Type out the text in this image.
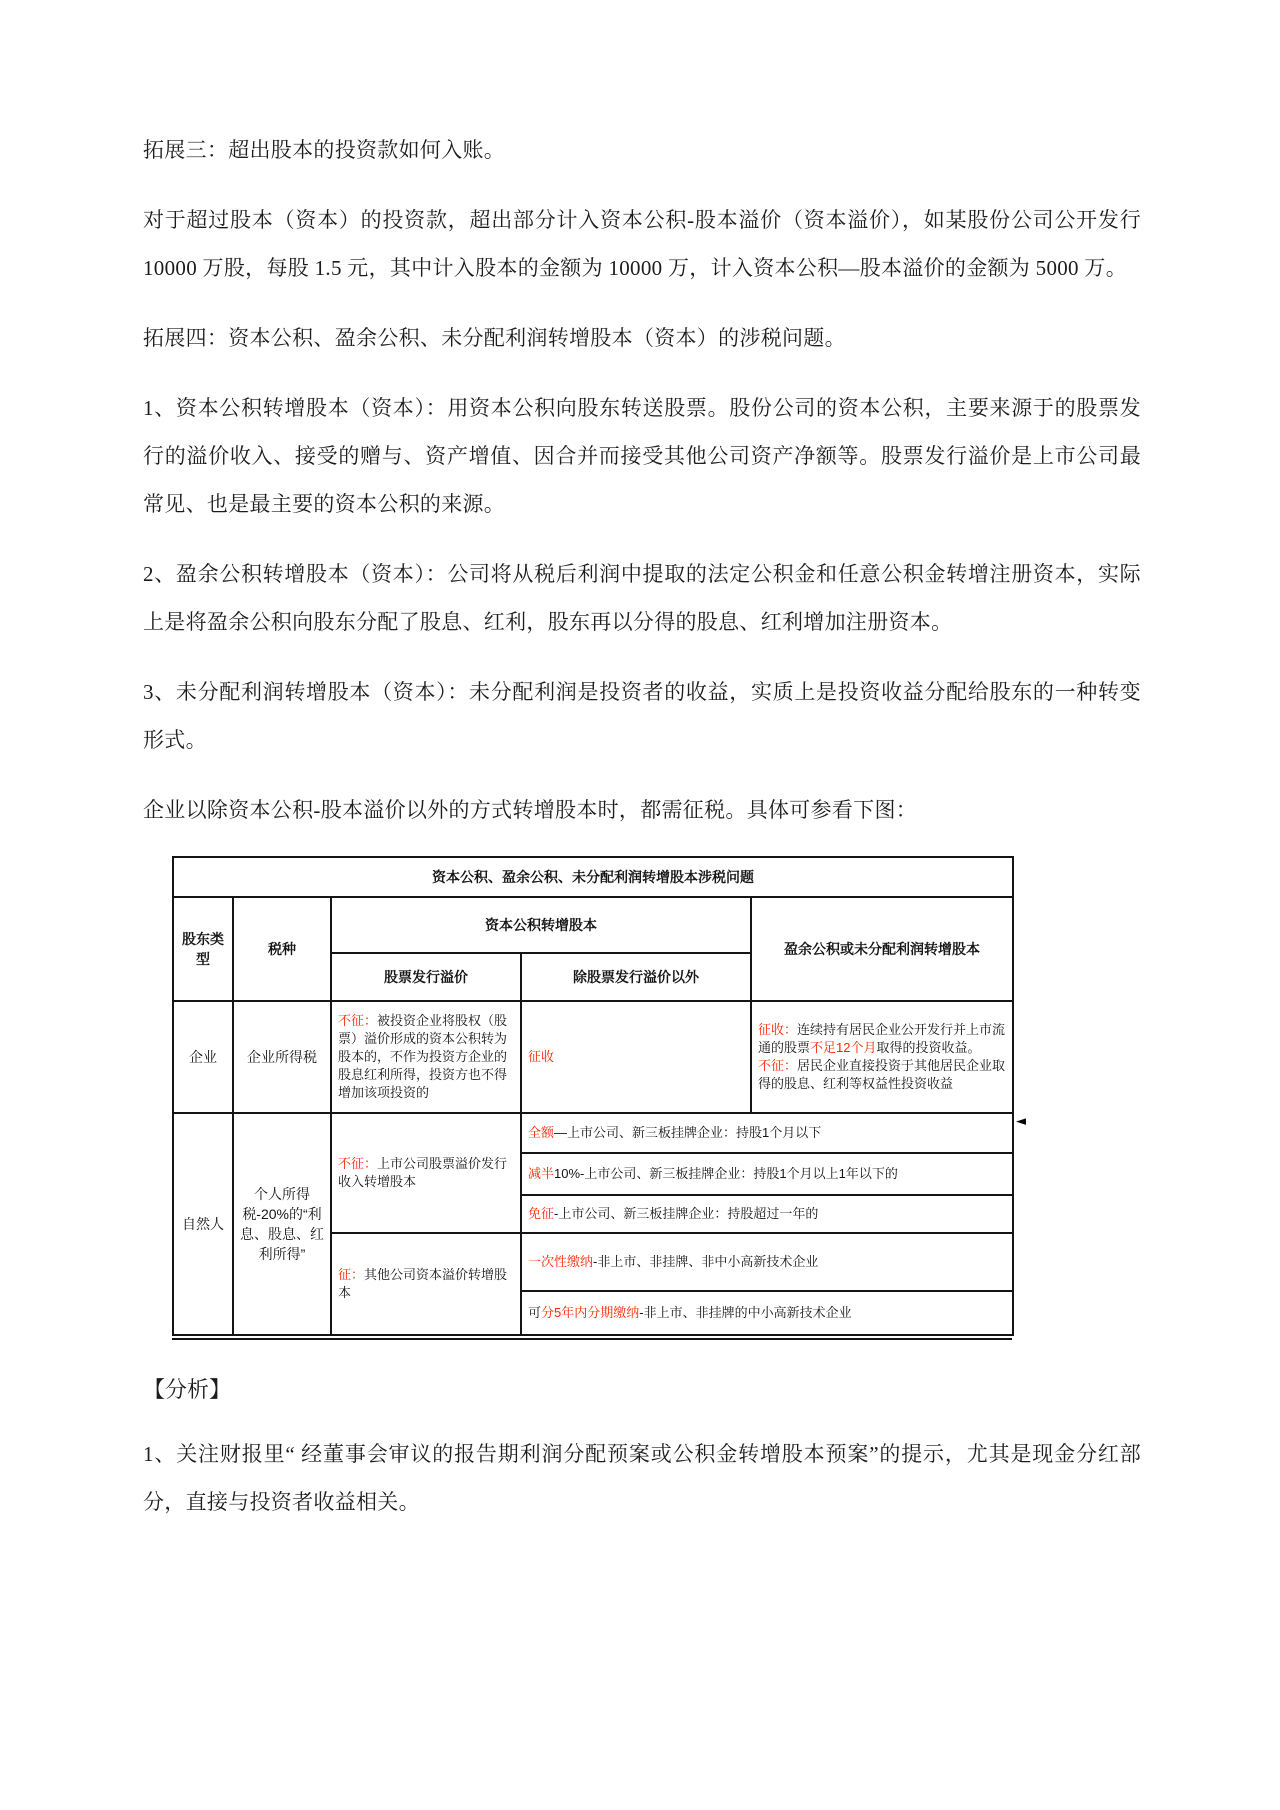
拓展三：超出股本的投资款如何入账。

对于超过股本（资本）的投资款，超出部分计入资本公积-股本溢价（资本溢价），如某股份公司公开发行 10000 万股，每股 1.5 元，其中计入股本的金额为 10000 万，计入资本公积—股本溢价的金额为 5000 万。

拓展四：资本公积、盈余公积、未分配利润转增股本（资本）的涉税问题。

1、资本公积转增股本（资本）：用资本公积向股东转送股票。股份公司的资本公积，主要来源于的股票发行的溢价收入、接受的赠与、资产增值、因合并而接受其他公司资产净额等。股票发行溢价是上市公司最常见、也是最主要的资本公积的来源。

2、盈余公积转增股本（资本）：公司将从税后利润中提取的法定公积金和任意公积金转增注册资本，实际上是将盈余公积向股东分配了股息、红利，股东再以分得的股息、红利增加注册资本。

3、未分配利润转增股本（资本）：未分配利润是投资者的收益，实质上是投资收益分配给股东的一种转变形式。

企业以除资本公积-股本溢价以外的方式转增股本时，都需征税。具体可参看下图：

资本公积、盈余公积、未分配利润转增股本涉税问题				
股东类型	税种	资本公积转增股本		盈余公积或未分配利润转增股本
		股票发行溢价	除股票发行溢价以外	
企业	企业所得税	不征：被投资企业将股权（股票）溢价形成的资本公积转为股本的，不作为投资方企业的股息红利所得，投资方也不得增加该项投资的	征收	征收：连续持有居民企业公开发行并上市流通的股票不足12个月取得的投资收益。
不征：居民企业直接投资于其他居民企业取得的股息、红利等权益性投资收益
自然人	个人所得税-20%的“利息、股息、红利所得”	不征：上市公司股票溢价发行收入转增股本	全额—上市公司、新三板挂牌企业：持股1个月以下	
			减半10%-上市公司、新三板挂牌企业：持股1个月以上1年以下的	
			免征-上市公司、新三板挂牌企业：持股超过一年的	
		征：其他公司资本溢价转增股本	一次性缴纳-非上市、非挂牌、非中小高新技术企业	
			可分5年内分期缴纳-非上市、非挂牌的中小高新技术企业	
◄

【分析】

1、关注财报里“ 经董事会审议的报告期利润分配预案或公积金转增股本预案”的提示，尤其是现金分红部分，直接与投资者收益相关。
